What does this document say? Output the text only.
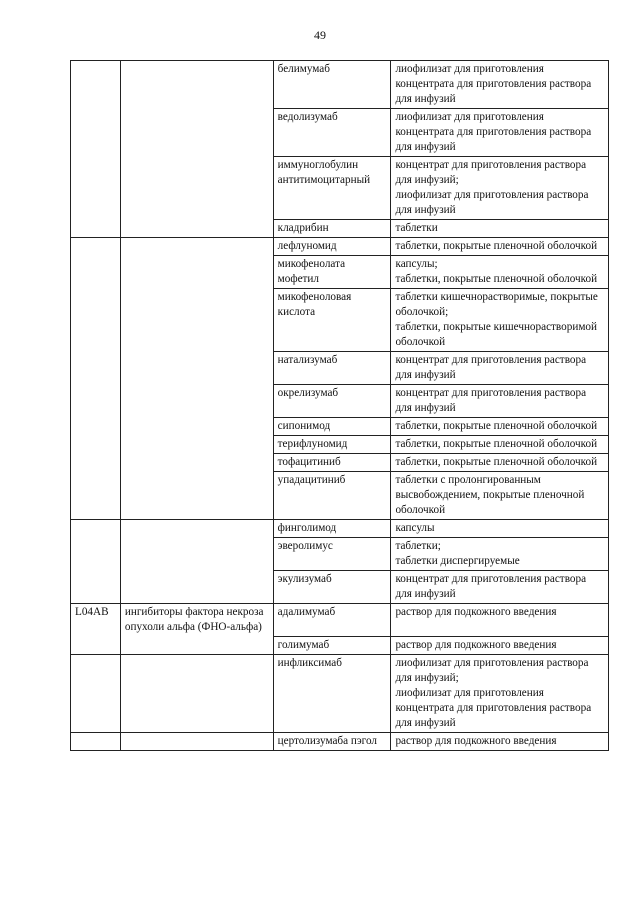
49
		белимумаб	лиофилизат для приготовления концентрата для приготовления раствора для инфузий

		ведолизумаб	лиофилизат для приготовления концентрата для приготовления раствора для инфузий

		иммуноглобулин антитимоцитарный	концентрат для приготовления раствора для инфузий;
лиофилизат для приготовления раствора для инфузий

		кладрибин	таблетки

		лефлуномид	таблетки, покрытые пленочной оболочкой

		микофенолата мофетил	капсулы;
таблетки, покрытые пленочной оболочкой

		микофеноловая кислота	таблетки кишечнорастворимые, покрытые оболочкой;
таблетки, покрытые кишечнорастворимой оболочкой

		натализумаб	концентрат для приготовления раствора для инфузий

		окрелизумаб	концентрат для приготовления раствора для инфузий

		сипонимод	таблетки, покрытые пленочной оболочкой

		терифлуномид	таблетки, покрытые пленочной оболочкой

		тофацитиниб	таблетки, покрытые пленочной оболочкой

		упадацитиниб	таблетки с пролонгированным высвобождением, покрытые пленочной оболочкой

		финголимод	капсулы

		эверолимус	таблетки;
таблетки диспергируемые

		экулизумаб	концентрат для приготовления раствора для инфузий

L04AB	ингибиторы фактора некроза опухоли альфа (ФНО-альфа)	адалимумаб	раствор для подкожного введения

		голимумаб	раствор для подкожного введения

		инфликсимаб	лиофилизат для приготовления раствора для инфузий;
лиофилизат для приготовления концентрата для приготовления раствора для инфузий

		цертолизумаба пэгол	раствор для подкожного введения
